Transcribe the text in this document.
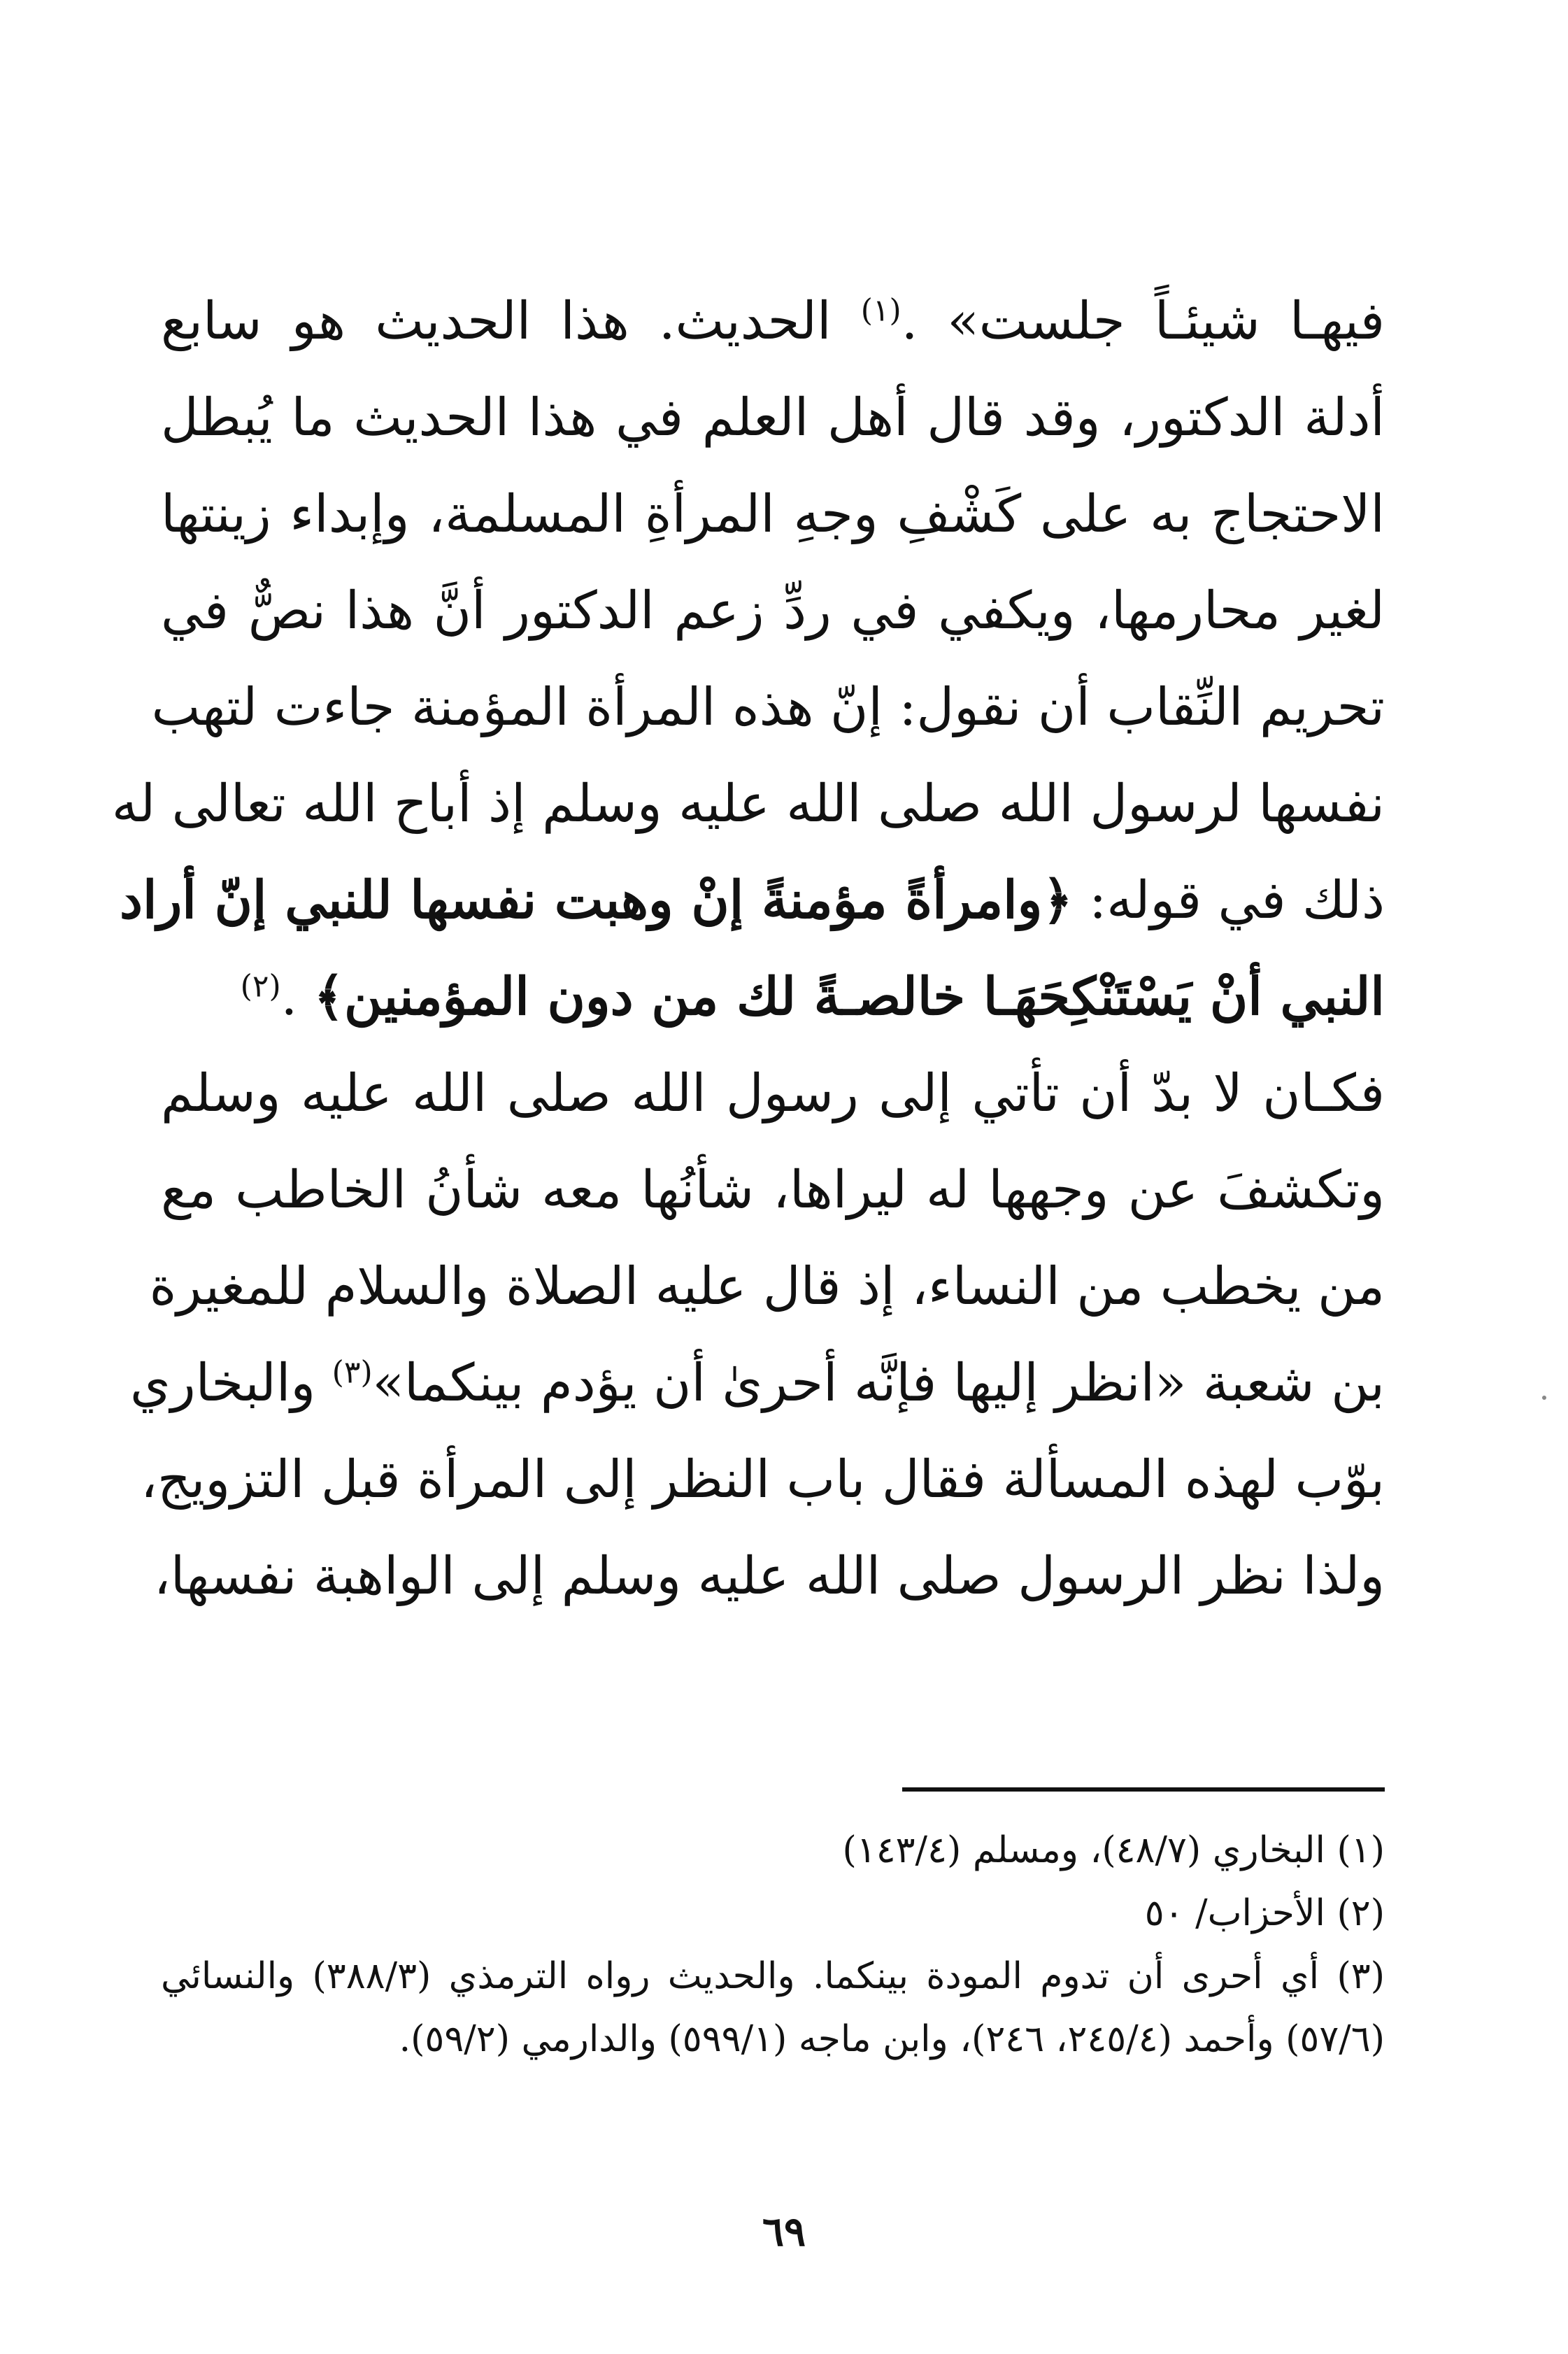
فيهـا شيئـاً جلست» .$^{(١)}$ الحديث. هذا الحديث هو سابع
أدلة الدكتور، وقد قال أهل العلم في هذا الحديث ما يُبطل
الاحتجاج به على كَشْفِ وجهِ المرأةِ المسلمة، وإبداء زينتها
لغير محارمها، ويكفي في ردِّ زعم الدكتور أنَّ هذا نصٌّ في
تحريم النِّقاب أن نقول: إنّ هذه المرأة المؤمنة جاءت لتهب
نفسها لرسول الله صلى الله عليه وسلم إذ أباح الله تعالى له
ذلك في قوله: ﴿وامرأةً مؤمنةً إنْ وهبت نفسها للنبي إنّ أراد
النبي أنْ يَسْتَنْكِحَهَـا خالصـةً لك من دون المؤمنين﴾ .$^{(٢)}$
فكـان لا بدّ أن تأتي إلى رسول الله صلى الله عليه وسلم
وتكشفَ عن وجهها له ليراها، شأنُها معه شأنُ الخاطب مع
من يخطب من النساء، إذ قال عليه الصلاة والسلام للمغيرة
بن شعبة «انظر إليها فإنَّه أحرىٰ أن يؤدم بينكما»$^{(٣)}$ والبخاري
بوّب لهذه المسألة فقال باب النظر إلى المرأة قبل التزويج،
ولذا نظر الرسول صلى الله عليه وسلم إلى الواهبة نفسها،
(١) البخاري (٤٨/٧)، ومسلم (١٤٣/٤)
(٢) الأحزاب/ ٥٠
(٣) أي أحرى أن تدوم المودة بينكما. والحديث رواه الترمذي (٣٨٨/٣) والنسائي
(٥٧/٦) وأحمد (٢٤٥/٤، ٢٤٦)، وابن ماجه (٥٩٩/١) والدارمي (٥٩/٢).
٦٩
